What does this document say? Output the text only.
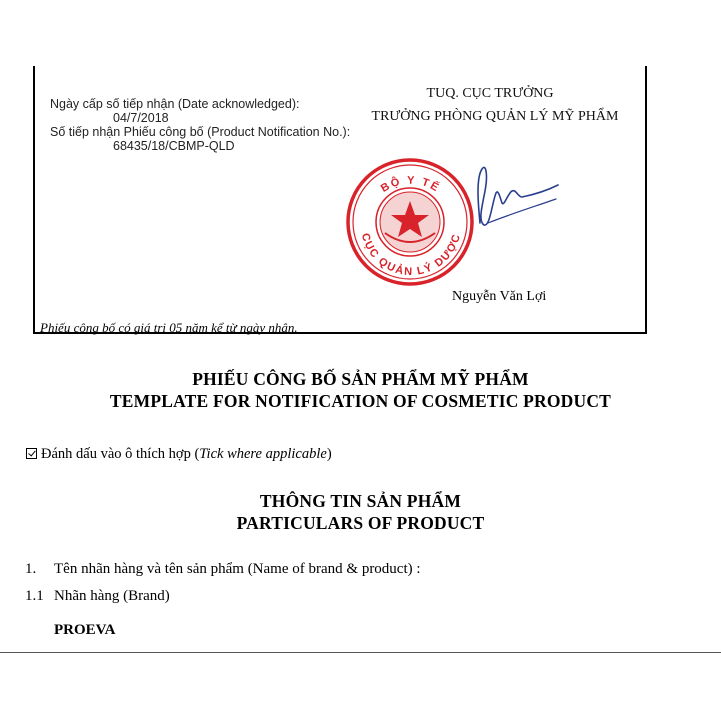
Ngày cấp số tiếp nhận (Date acknowledged):
04/7/2018
Số tiếp nhận Phiếu công bố (Product Notification No.):
68435/18/CBMP-QLD
TUQ. CỤC TRƯỞNG
TRƯỞNG PHÒNG QUẢN LÝ MỸ PHẨM
BỘ Y TẾ
CỤC QUẢN LÝ DƯỢC
Nguyễn Văn Lợi
Phiếu công bố có giá trị 05 năm kể từ ngày nhận.
PHIẾU CÔNG BỐ SẢN PHẨM MỸ PHẨM
TEMPLATE FOR NOTIFICATION OF COSMETIC PRODUCT
Đánh dấu vào ô thích hợp (Tick where applicable)
THÔNG TIN SẢN PHẨM
PARTICULARS OF PRODUCT
1. Tên nhãn hàng và tên sản phẩm (Name of brand & product) :
1.1 Nhãn hàng (Brand)
PROEVA
